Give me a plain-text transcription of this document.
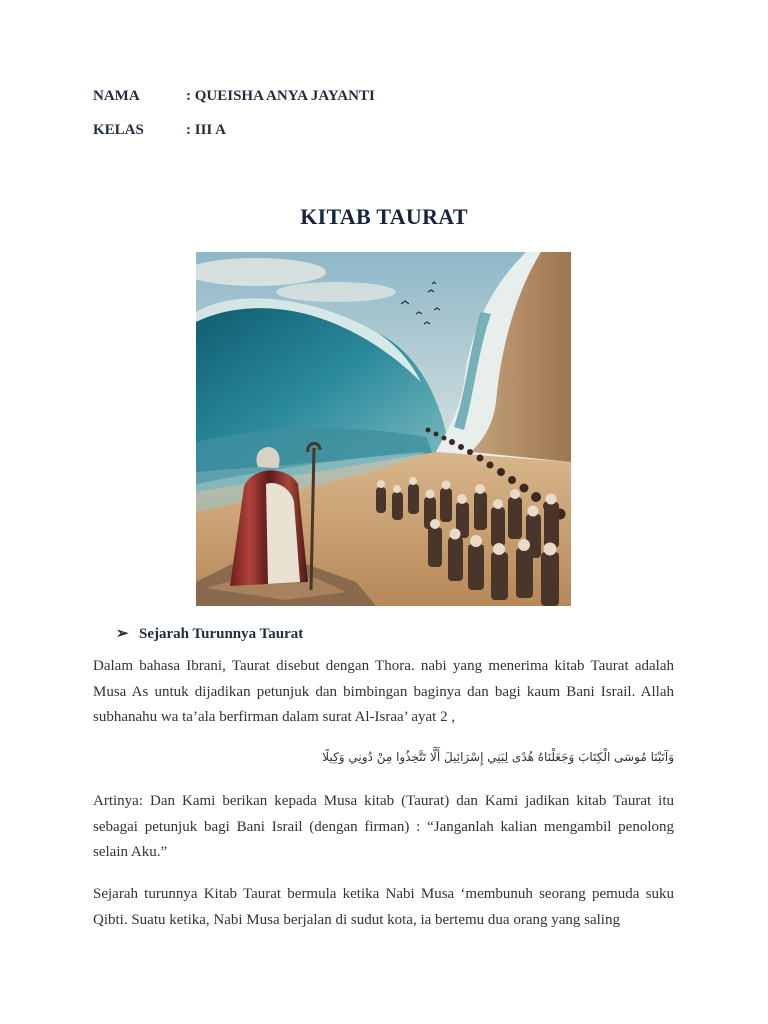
NAMA	: QUEISHA ANYA JAYANTI
KELAS	: III A
KITAB TAURAT
➢ Sejarah Turunnya Taurat
Dalam bahasa Ibrani, Taurat disebut dengan Thora. nabi yang menerima kitab Taurat adalah Musa As untuk dijadikan petunjuk dan bimbingan baginya dan bagi kaum Bani Israil. Allah subhanahu wa ta’ala berfirman dalam surat Al-Israa’ ayat 2 ,
وَآتَيْنَا مُوسَى الْكِتَابَ وَجَعَلْنَاهُ هُدًى لِبَنِي إِسْرَائِيلَ أَلَّا تَتَّخِذُوا مِنْ دُونِي وَكِيلًا
Artinya: Dan Kami berikan kepada Musa kitab (Taurat) dan Kami jadikan kitab Taurat itu sebagai petunjuk bagi Bani Israil (dengan firman) : “Janganlah kalian mengambil penolong selain Aku.”
Sejarah turunnya Kitab Taurat bermula ketika Nabi Musa ‘membunuh seorang pemuda suku Qibti. Suatu ketika, Nabi Musa berjalan di sudut kota, ia bertemu dua orang yang saling
